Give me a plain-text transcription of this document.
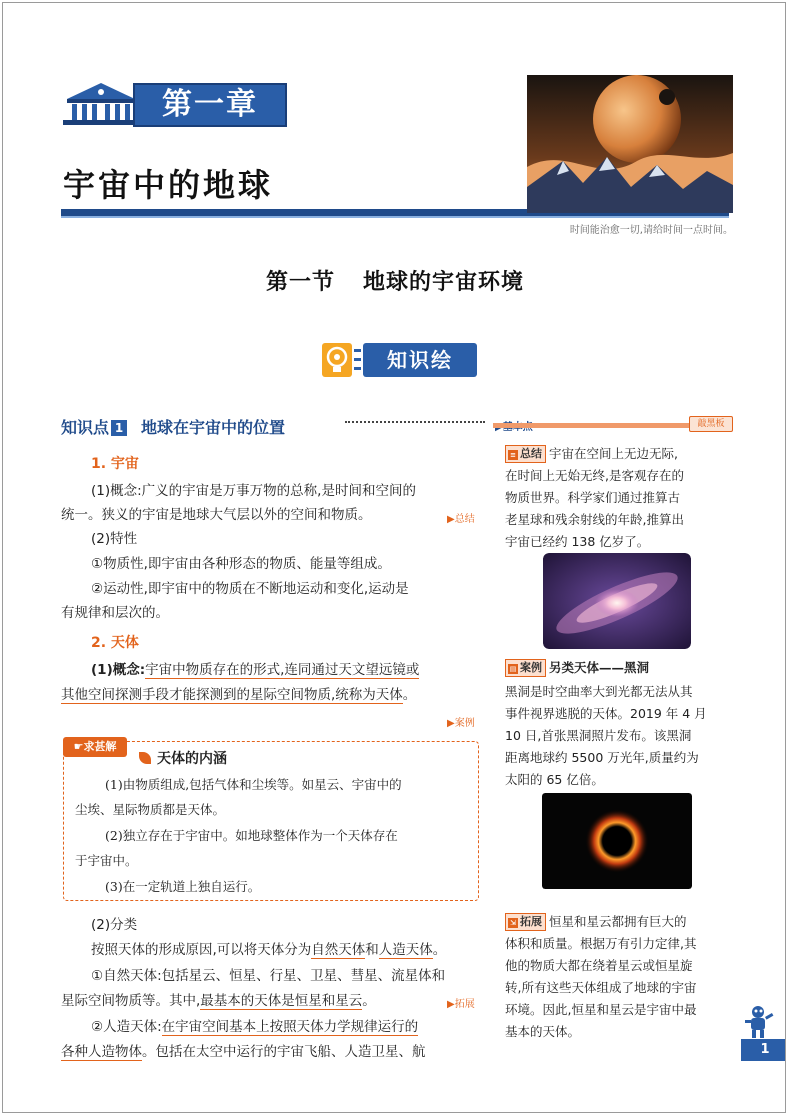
第一章
宇宙中的地球
时间能治愈一切,请给时间一点时间。
第一节 地球的宇宙环境
知识绘
知识点 1 地球在宇宙中的位置
1. 宇宙
(1)概念:广义的宇宙是万事万物的总称,是时间和空间的
统一。狭义的宇宙是地球大气层以外的空间和物质。	▶总结
(2)特性
①物质性,即宇宙由各种形态的物质、能量等组成。
②运动性,即宇宙中的物质在不断地运动和变化,运动是
有规律和层次的。
2. 天体
(1)概念:宇宙中物质存在的形式,连同通过天文望远镜或
其他空间探测手段才能探测到的星际空间物质,统称为天体。
▶案例
☛求甚解
天体的内涵
(1)由物质组成,包括气体和尘埃等。如星云、宇宙中的
尘埃、星际物质都是天体。
(2)独立存在于宇宙中。如地球整体作为一个天体存在
于宇宙中。
(3)在一定轨道上独自运行。
(2)分类
按照天体的形成原因,可以将天体分为自然天体和人造天体。
①自然天体:包括星云、恒星、行星、卫星、彗星、流星体和
星际空间物质等。其中,最基本的天体是恒星和星云。	▶拓展
②人造天体:在宇宙空间基本上按照天体力学规律运行的
各种人造物体。包括在太空中运行的宇宙飞船、人造卫星、航
敲黑板
≡ 总结 宇宙在空间上无边无际,
在时间上无始无终,是客观存在的
物质世界。科学家们通过推算古
老星球和残余射线的年龄,推算出
宇宙已经约 138 亿岁了。
▤ 案例 另类天体——黑洞
黑洞是时空曲率大到光都无法从其
事件视界逃脱的天体。2019 年 4 月
10 日,首张黑洞照片发布。该黑洞
距离地球约 5500 万光年,质量约为
太阳的 65 亿倍。
⇲ 拓展 恒星和星云都拥有巨大的
体积和质量。根据万有引力定律,其
他的物质大都在绕着星云或恒星旋
转,所有这些天体组成了地球的宇宙
环境。因此,恒星和星云是宇宙中最
基本的天体。
1
